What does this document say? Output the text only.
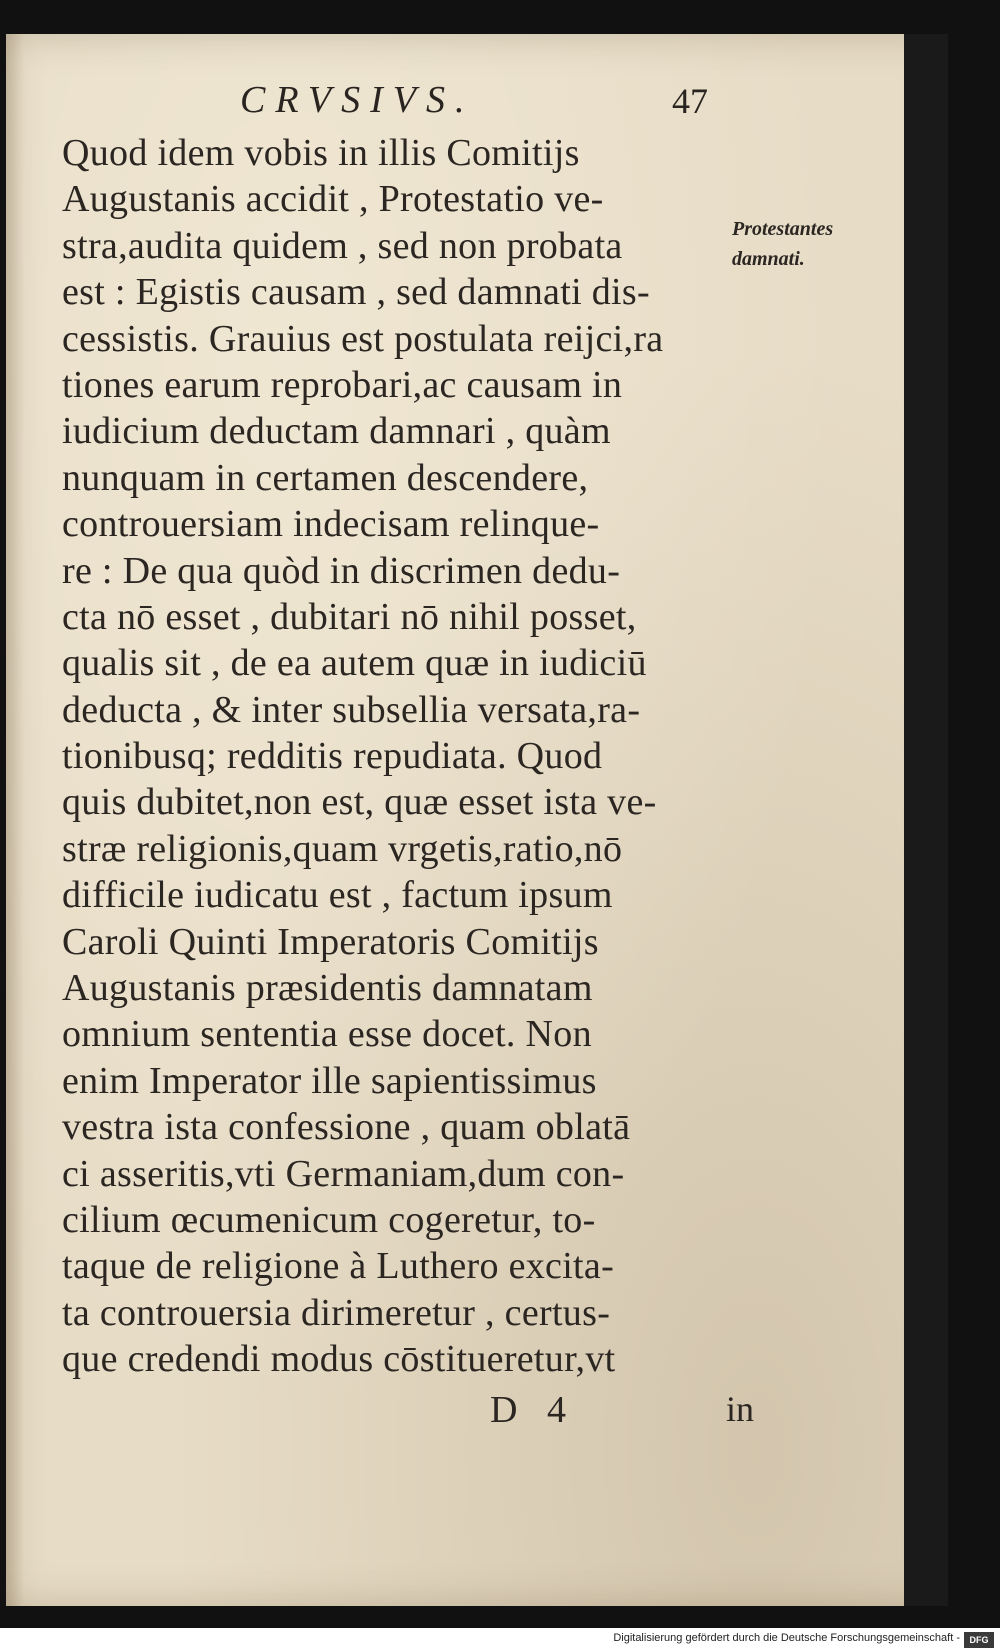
CRVSIVS.	47
Protestantes
damnati.
Quod idem vobis in illis Comitijs
Augustanis accidit , Protestatio ve-
stra,audita quidem , sed non probata
est : Egistis causam , sed damnati dis-
cessistis. Grauius est postulata reijci,ra
tiones earum reprobari,ac causam in
iudicium deductam damnari , quàm
nunquam in certamen descendere,
controuersiam indecisam relinque-
re : De qua quòd in discrimen dedu-
cta nō esset , dubitari nō nihil posset,
qualis sit , de ea autem quæ in iudiciū
deducta , & inter subsellia versata,ra-
tionibusq; redditis repudiata. Quod
quis dubitet,non est, quæ esset ista ve-
stræ religionis,quam vrgetis,ratio,nō
difficile iudicatu est , factum ipsum
Caroli Quinti Imperatoris Comitijs
Augustanis præsidentis damnatam
omnium sententia esse docet. Non
enim Imperator ille sapientissimus
vestra ista confessione , quam oblatā
ci asseritis,vti Germaniam,dum con-
cilium œcumenicum cogeretur, to-
taque de religione à Luthero excita-
ta controuersia dirimeretur , certus-
que credendi modus cōstitueretur,vt
D 4	in
Digitalisierung gefördert durch die Deutsche Forschungsgemeinschaft -	DFG
